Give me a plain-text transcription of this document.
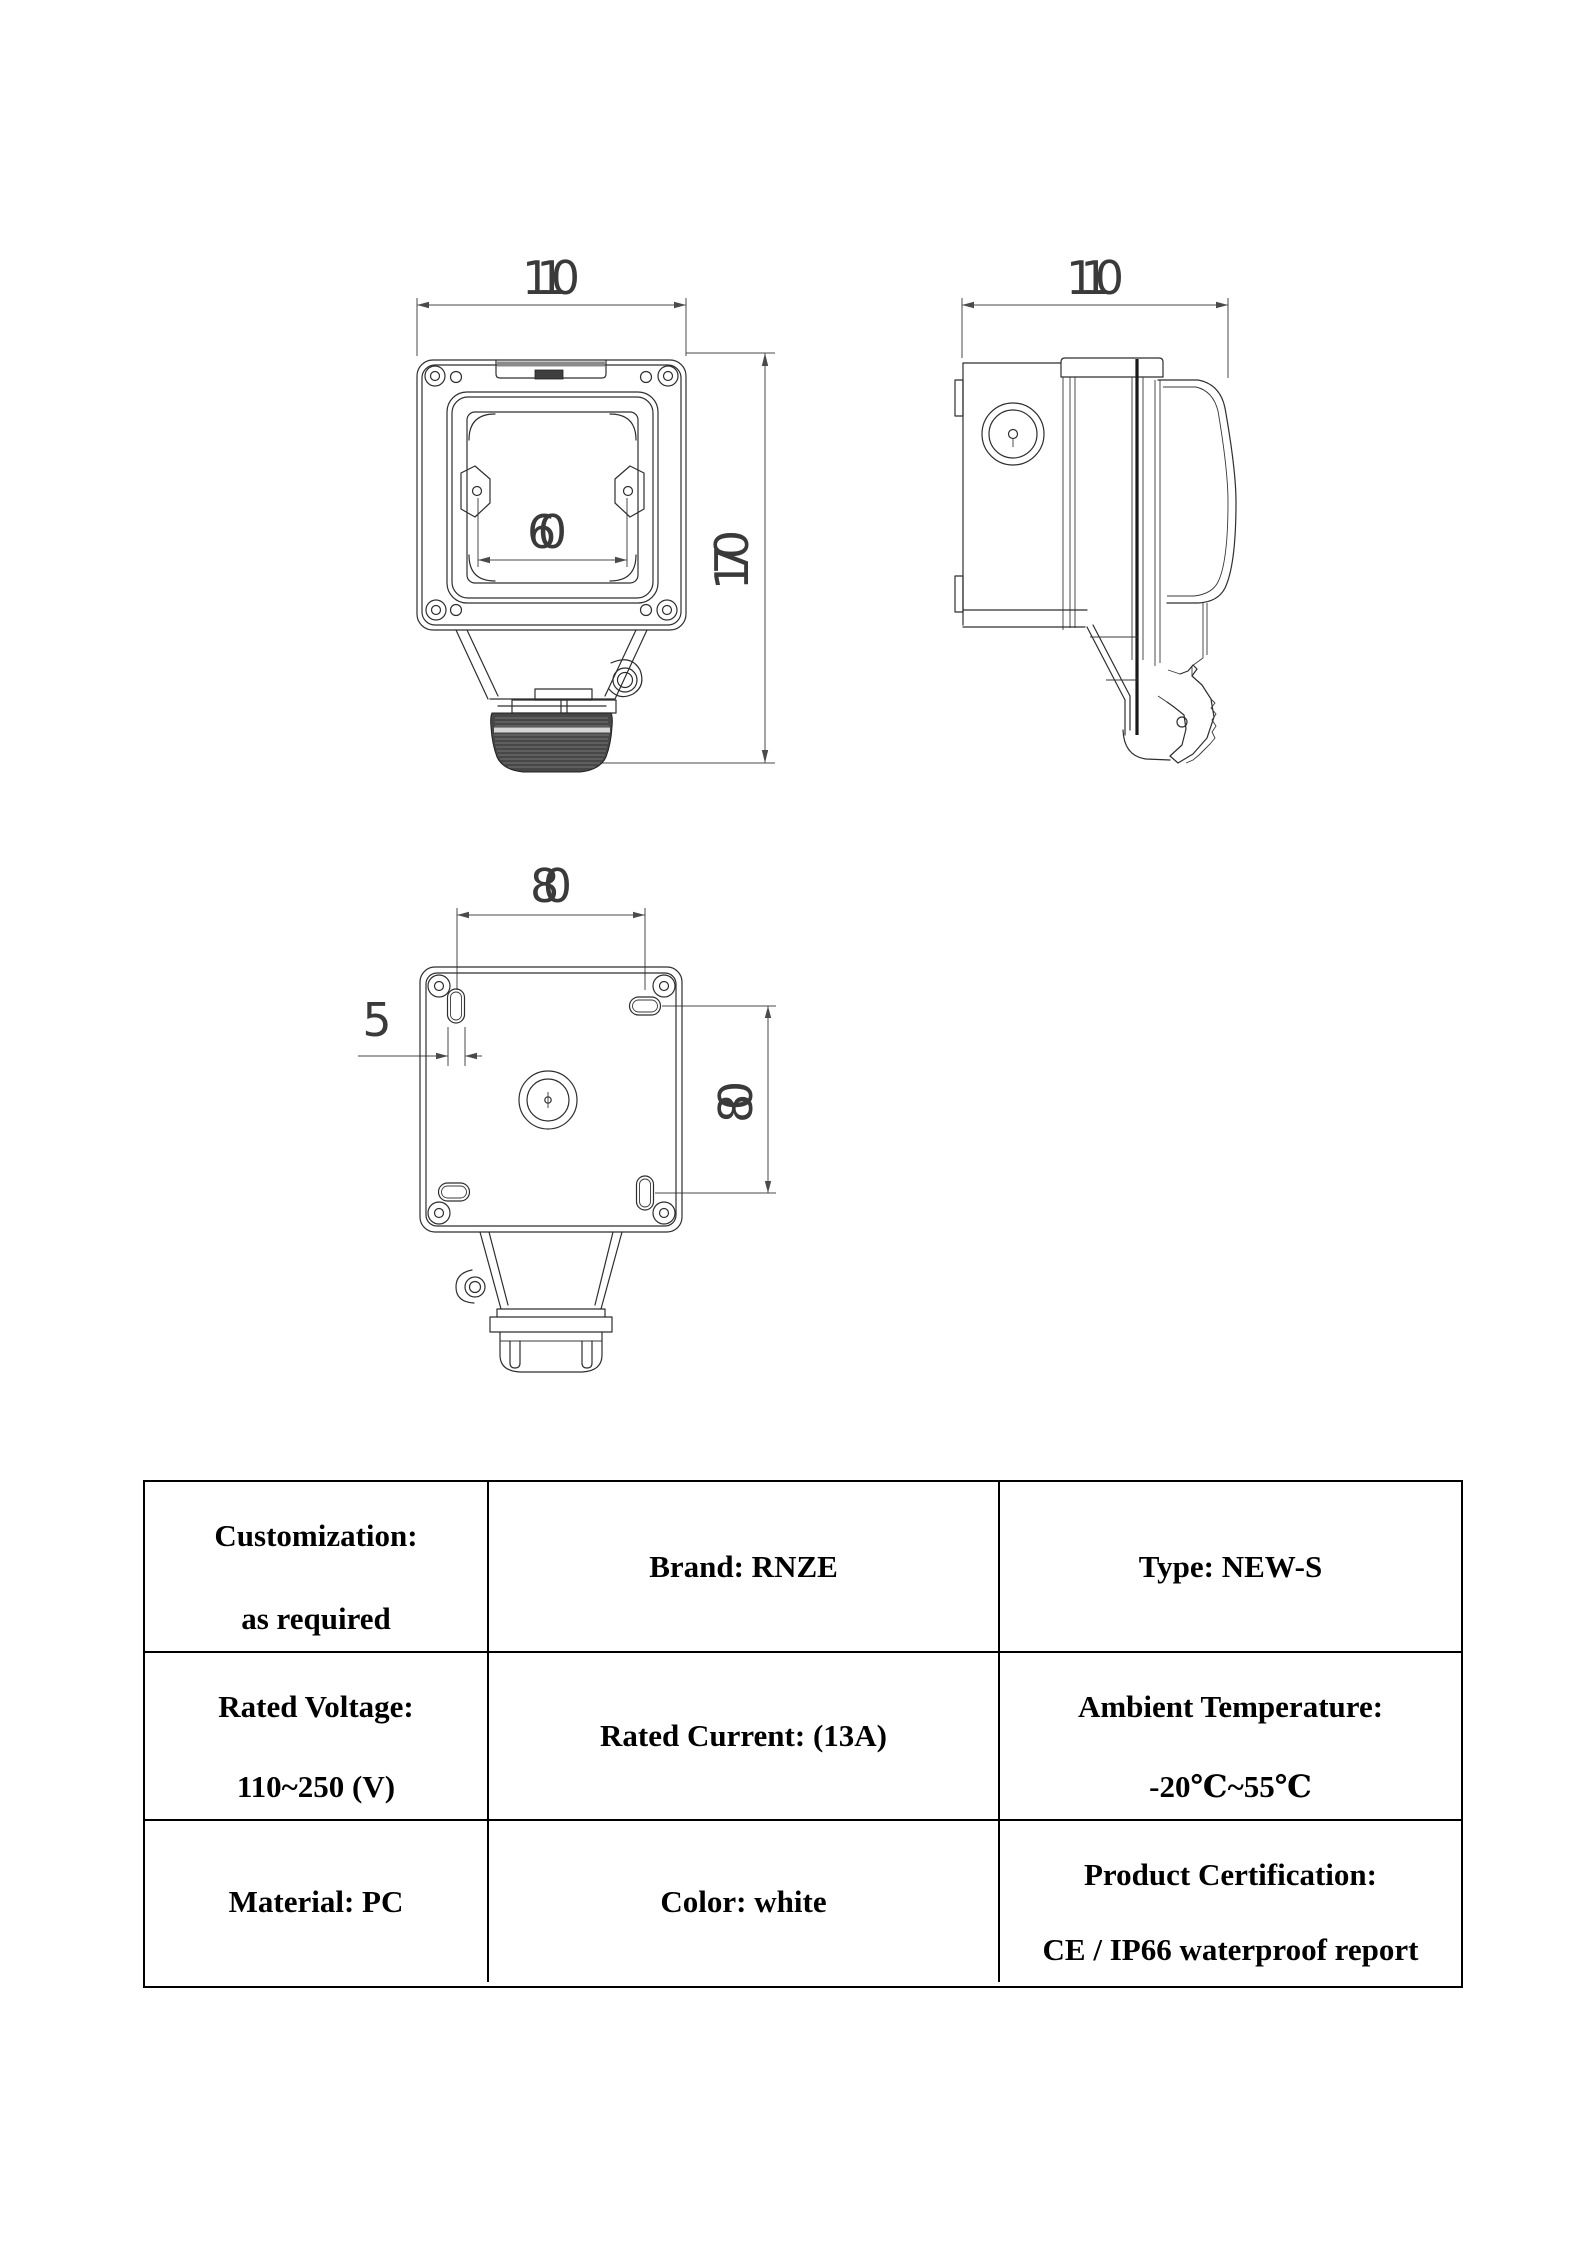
110
170
60
110
80
5
80
Customization:
as required
Brand: RNZE	Type: NEW-S
Rated Voltage:
110~250 (V)
Rated Current: (13A)
Ambient Temperature:
-20℃~55℃
Material: PC	Color: white
Product Certification:
CE / IP66 waterproof report
